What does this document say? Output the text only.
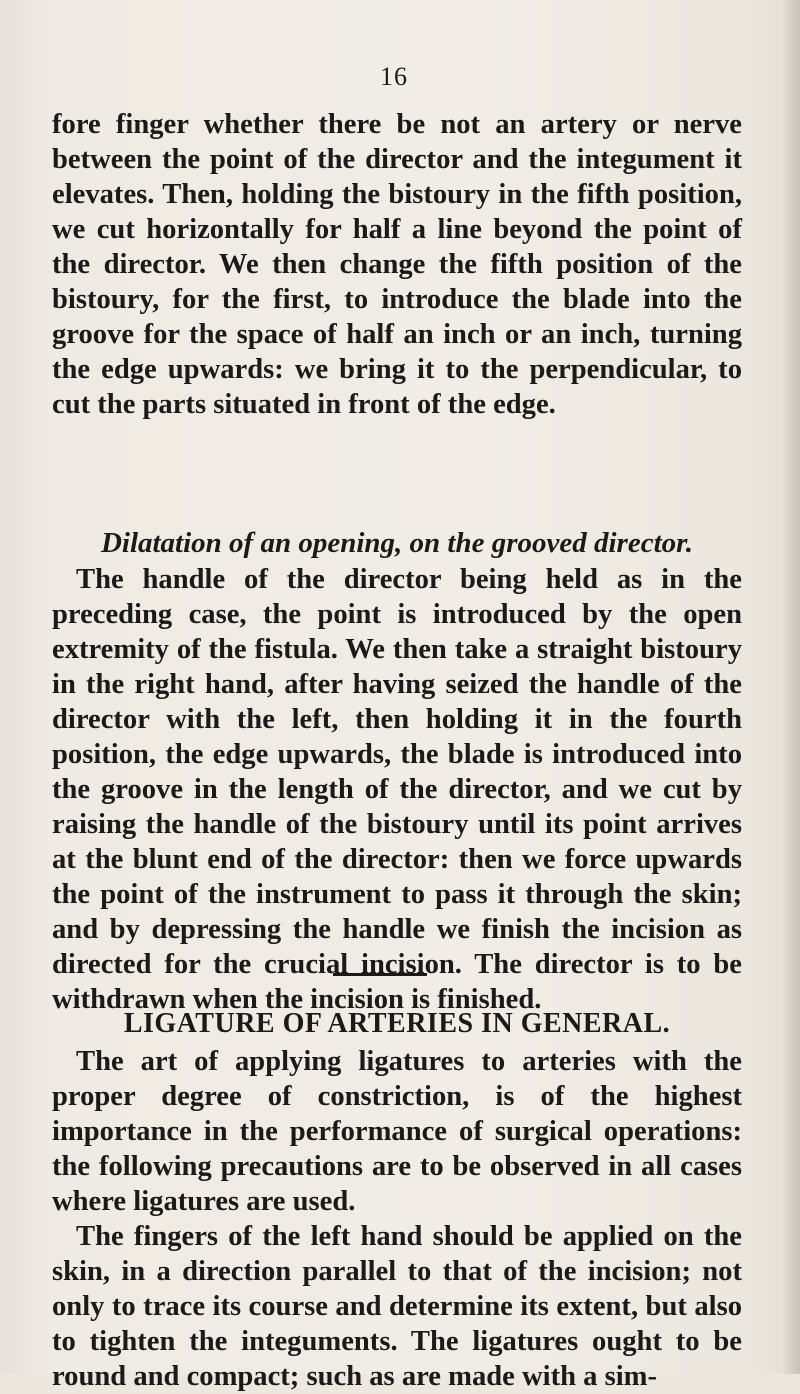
16

fore finger whether there be not an artery or nerve between the point of the director and the integument it elevates. Then, holding the bistoury in the fifth position, we cut horizontally for half a line beyond the point of the director. We then change the fifth position of the bistoury, for the first, to introduce the blade into the groove for the space of half an inch or an inch, turning the edge upwards: we bring it to the perpendicular, to cut the parts situated in front of the edge.

Dilatation of an opening, on the grooved director.

The handle of the director being held as in the preceding case, the point is introduced by the open extremity of the fistula. We then take a straight bistoury in the right hand, after having seized the handle of the director with the left, then holding it in the fourth position, the edge upwards, the blade is introduced into the groove in the length of the director, and we cut by raising the handle of the bistoury until its point arrives at the blunt end of the director: then we force upwards the point of the instrument to pass it through the skin; and by depressing the handle we finish the incision as directed for the crucial incision. The director is to be withdrawn when the incision is finished.

LIGATURE OF ARTERIES IN GENERAL.

The art of applying ligatures to arteries with the proper degree of constriction, is of the highest importance in the performance of surgical operations: the following precautions are to be observed in all cases where ligatures are used.

The fingers of the left hand should be applied on the skin, in a direction parallel to that of the incision; not only to trace its course and determine its extent, but also to tighten the integuments. The ligatures ought to be round and compact; such as are made with a sim-
